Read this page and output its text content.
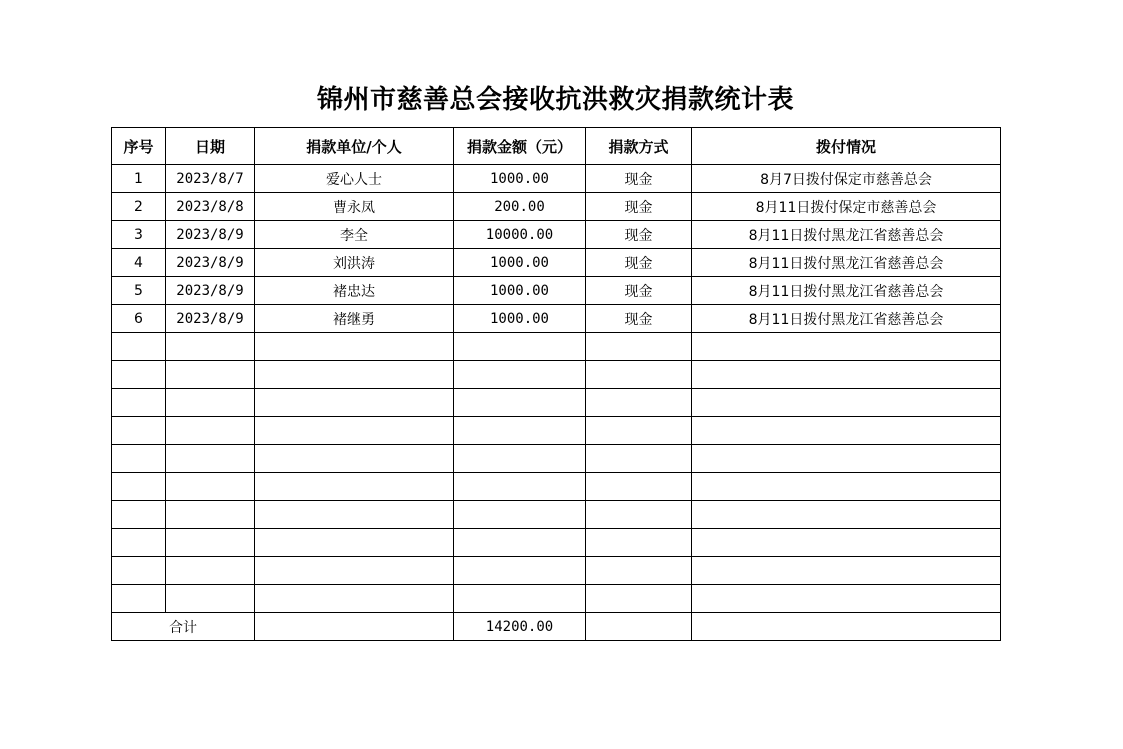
锦州市慈善总会接收抗洪救灾捐款统计表
序号	日期	捐款单位/个人	捐款金额（元）	捐款方式	拨付情况
1	2023/8/7	爱心人士	1000.00	现金	8月7日拨付保定市慈善总会
2	2023/8/8	曹永凤	200.00	现金	8月11日拨付保定市慈善总会
3	2023/8/9	李全	10000.00	现金	8月11日拨付黑龙江省慈善总会
4	2023/8/9	刘洪涛	1000.00	现金	8月11日拨付黑龙江省慈善总会
5	2023/8/9	褚忠达	1000.00	现金	8月11日拨付黑龙江省慈善总会
6	2023/8/9	褚继勇	1000.00	现金	8月11日拨付黑龙江省慈善总会

合计			14200.00		
